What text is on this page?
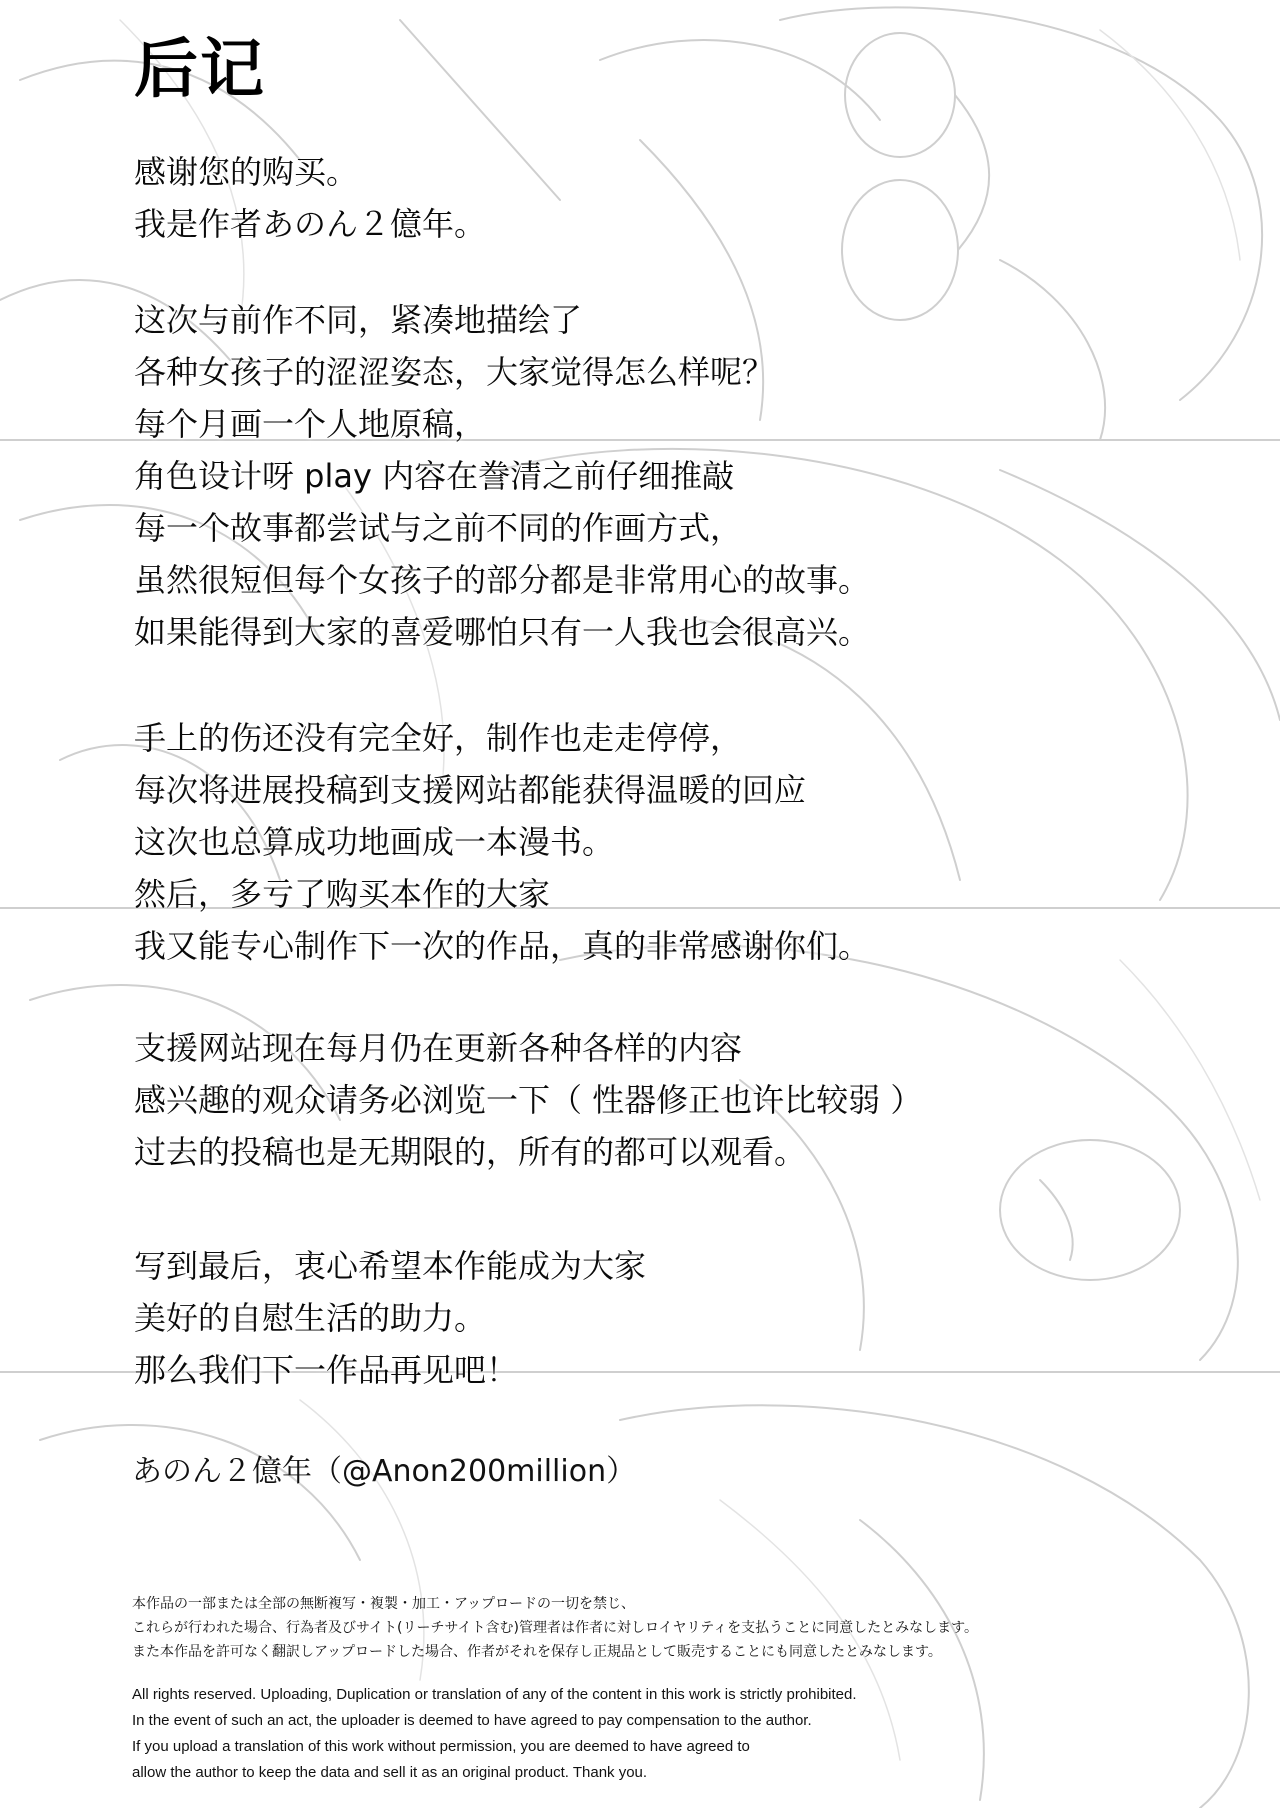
后记
感谢您的购买。
我是作者あのん２億年。
这次与前作不同，紧凑地描绘了
各种女孩子的涩涩姿态，大家觉得怎么样呢？
每个月画一个人地原稿，
角色设计呀 play 内容在誊清之前仔细推敲
每一个故事都尝试与之前不同的作画方式，
虽然很短但每个女孩子的部分都是非常用心的故事。
如果能得到大家的喜爱哪怕只有一人我也会很高兴。
手上的伤还没有完全好，制作也走走停停，
每次将进展投稿到支援网站都能获得温暖的回应
这次也总算成功地画成一本漫书。
然后，多亏了购买本作的大家
我又能专心制作下一次的作品，真的非常感谢你们。
支援网站现在每月仍在更新各种各样的内容
感兴趣的观众请务必浏览一下（ 性器修正也许比较弱 ）
过去的投稿也是无期限的，所有的都可以观看。
写到最后，衷心希望本作能成为大家
美好的自慰生活的助力。
那么我们下一作品再见吧！

あのん２億年（@Anon200million）

本作品の一部または全部の無断複写・複製・加工・アップロードの一切を禁じ、
これらが行われた場合、行為者及びサイト(リーチサイト含む)管理者は作者に対しロイヤリティを支払うことに同意したとみなします。
また本作品を許可なく翻訳しアップロードした場合、作者がそれを保存し正規品として販売することにも同意したとみなします。
All rights reserved. Uploading, Duplication or translation of any of the content in this work is strictly prohibited.
In the event of such an act, the uploader is deemed to have agreed to pay compensation to the author.
If you upload a translation of this work without permission, you are deemed to have agreed to
allow the author to keep the data and sell it as an original product. Thank you.
